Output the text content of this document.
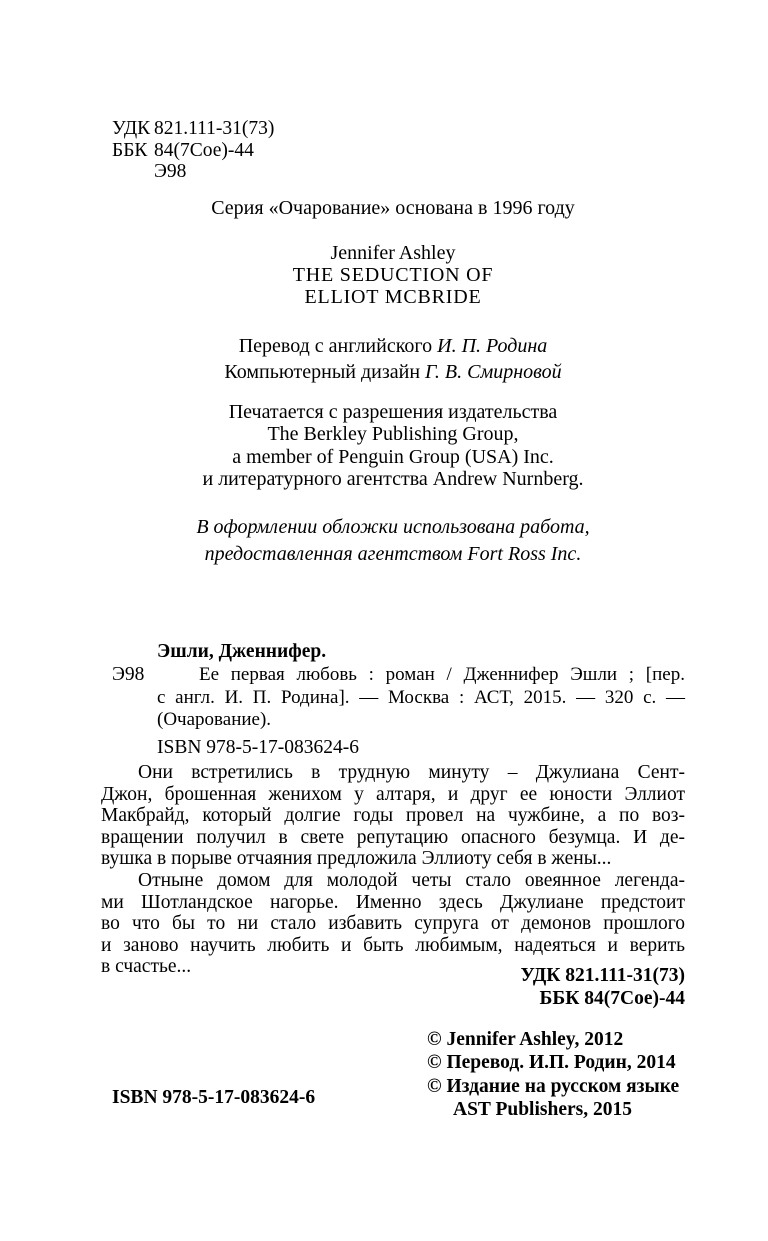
УДК 821.111-31(73)
ББК 84(7Сое)-44
Э98
Серия «Очарование» основана в 1996 году
Jennifer Ashley
THE SEDUCTION OF
ELLIOT MCBRIDE
Перевод с английского И. П. Родина
Компьютерный дизайн Г. В. Смирновой
Печатается с разрешения издательства
The Berkley Publishing Group,
a member of Penguin Group (USA) Inc.
и литературного агентства Andrew Nurnberg.
В оформлении обложки использована работа,
предоставленная агентством Fort Ross Inc.
Эшли, Дженнифер.
Э98	Ее первая любовь : роман / Дженнифер Эшли ; [пер.
с англ. И. П. Родина]. — Москва : АСТ, 2015. — 320 с. —
(Очарование).
ISBN 978-5-17-083624-6
Они встретились в трудную минуту – Джулиана Сент-
Джон, брошенная женихом у алтаря, и друг ее юности Эллиот
Макбрайд, который долгие годы провел на чужбине, а по воз-
вращении получил в свете репутацию опасного безумца. И де-
вушка в порыве отчаяния предложила Эллиоту себя в жены...
Отныне домом для молодой четы стало овеянное легенда-
ми Шотландское нагорье. Именно здесь Джулиане предстоит
во что бы то ни стало избавить супруга от демонов прошлого
и заново научить любить и быть любимым, надеяться и верить
в счастье...	УДК 821.111-31(73)
ББК 84(7Сое)-44
© Jennifer Ashley, 2012
© Перевод. И.П. Родин, 2014
© Издание на русском языке
AST Publishers, 2015
ISBN 978-5-17-083624-6
